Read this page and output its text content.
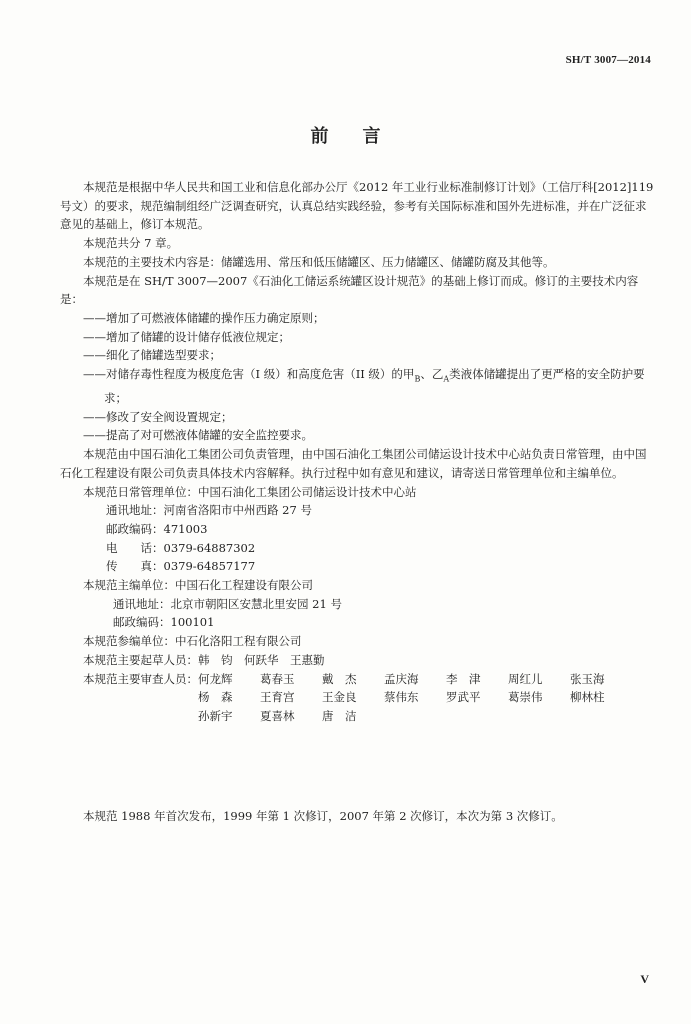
SH/T 3007—2014
前言

本规范是根据中华人民共和国工业和信息化部办公厅《2012 年工业行业标准制修订计划》（工信厅科[2012]119 号文）的要求，规范编制组经广泛调查研究，认真总结实践经验，参考有关国际标准和国外先进标准，并在广泛征求意见的基础上，修订本规范。

本规范共分 7 章。

本规范的主要技术内容是：储罐选用、常压和低压储罐区、压力储罐区、储罐防腐及其他等。

本规范是在 SH/T 3007—2007《石油化工储运系统罐区设计规范》的基础上修订而成。修订的主要技术内容是：

——增加了可燃液体储罐的操作压力确定原则；

——增加了储罐的设计储存低液位规定；

——细化了储罐选型要求；

——对储存毒性程度为极度危害（I 级）和高度危害（II 级）的甲$_B$、乙$_A$类液体储罐提出了更严格的安全防护要求；

——修改了安全阀设置规定；

——提高了对可燃液体储罐的安全监控要求。

本规范由中国石油化工集团公司负责管理，由中国石油化工集团公司储运设计技术中心站负责日常管理，由中国石化工程建设有限公司负责具体技术内容解释。执行过程中如有意见和建议，请寄送日常管理单位和主编单位。

本规范日常管理单位：中国石油化工集团公司储运设计技术中心站

通讯地址：河南省洛阳市中州西路 27 号

邮政编码：471003

电　　话：0379-64887302

传　　真：0379-64857177

本规范主编单位：中国石化工程建设有限公司

通讯地址：北京市朝阳区安慧北里安园 21 号

邮政编码：100101

本规范参编单位：中石化洛阳工程有限公司

本规范主要起草人员：韩　钧　何跃华　王惠勤

本规范主要审查人员： 何龙辉	葛春玉	戴　杰	孟庆海	李　津	周红儿	张玉海
杨　森	王育宫	王金良	蔡伟东	罗武平	葛崇伟	柳林柱
孙新宇	夏喜林	唐　洁
本规范 1988 年首次发布，1999 年第 1 次修订，2007 年第 2 次修订，本次为第 3 次修订。
V
